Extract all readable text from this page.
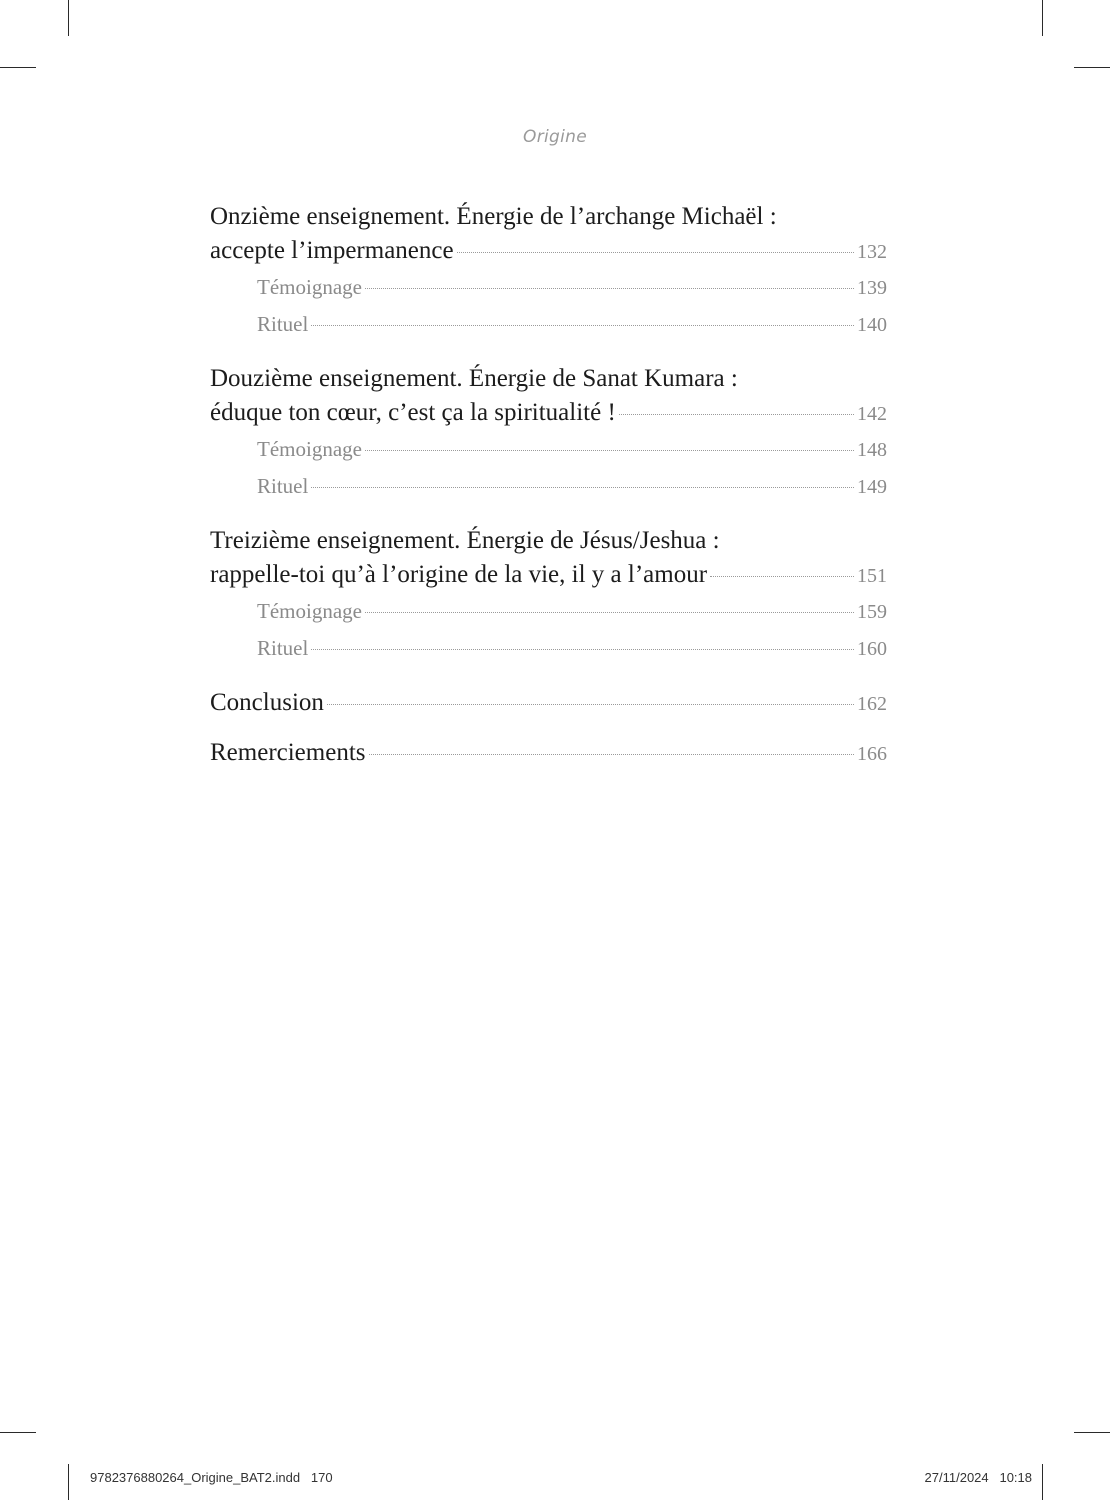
Origine
Onzième enseignement. Énergie de l’archange Michaël :
accepte l’impermanence	132
Témoignage	139
Rituel	140
Douzième enseignement. Énergie de Sanat Kumara :
éduque ton cœur, c’est ça la spiritualité !	142
Témoignage	148
Rituel	149
Treizième enseignement. Énergie de Jésus/Jeshua :
rappelle-toi qu’à l’origine de la vie, il y a l’amour	151
Témoignage	159
Rituel	160
Conclusion	162
Remerciements	166
9782376880264_Origine_BAT2.indd   170	27/11/2024   10:18
